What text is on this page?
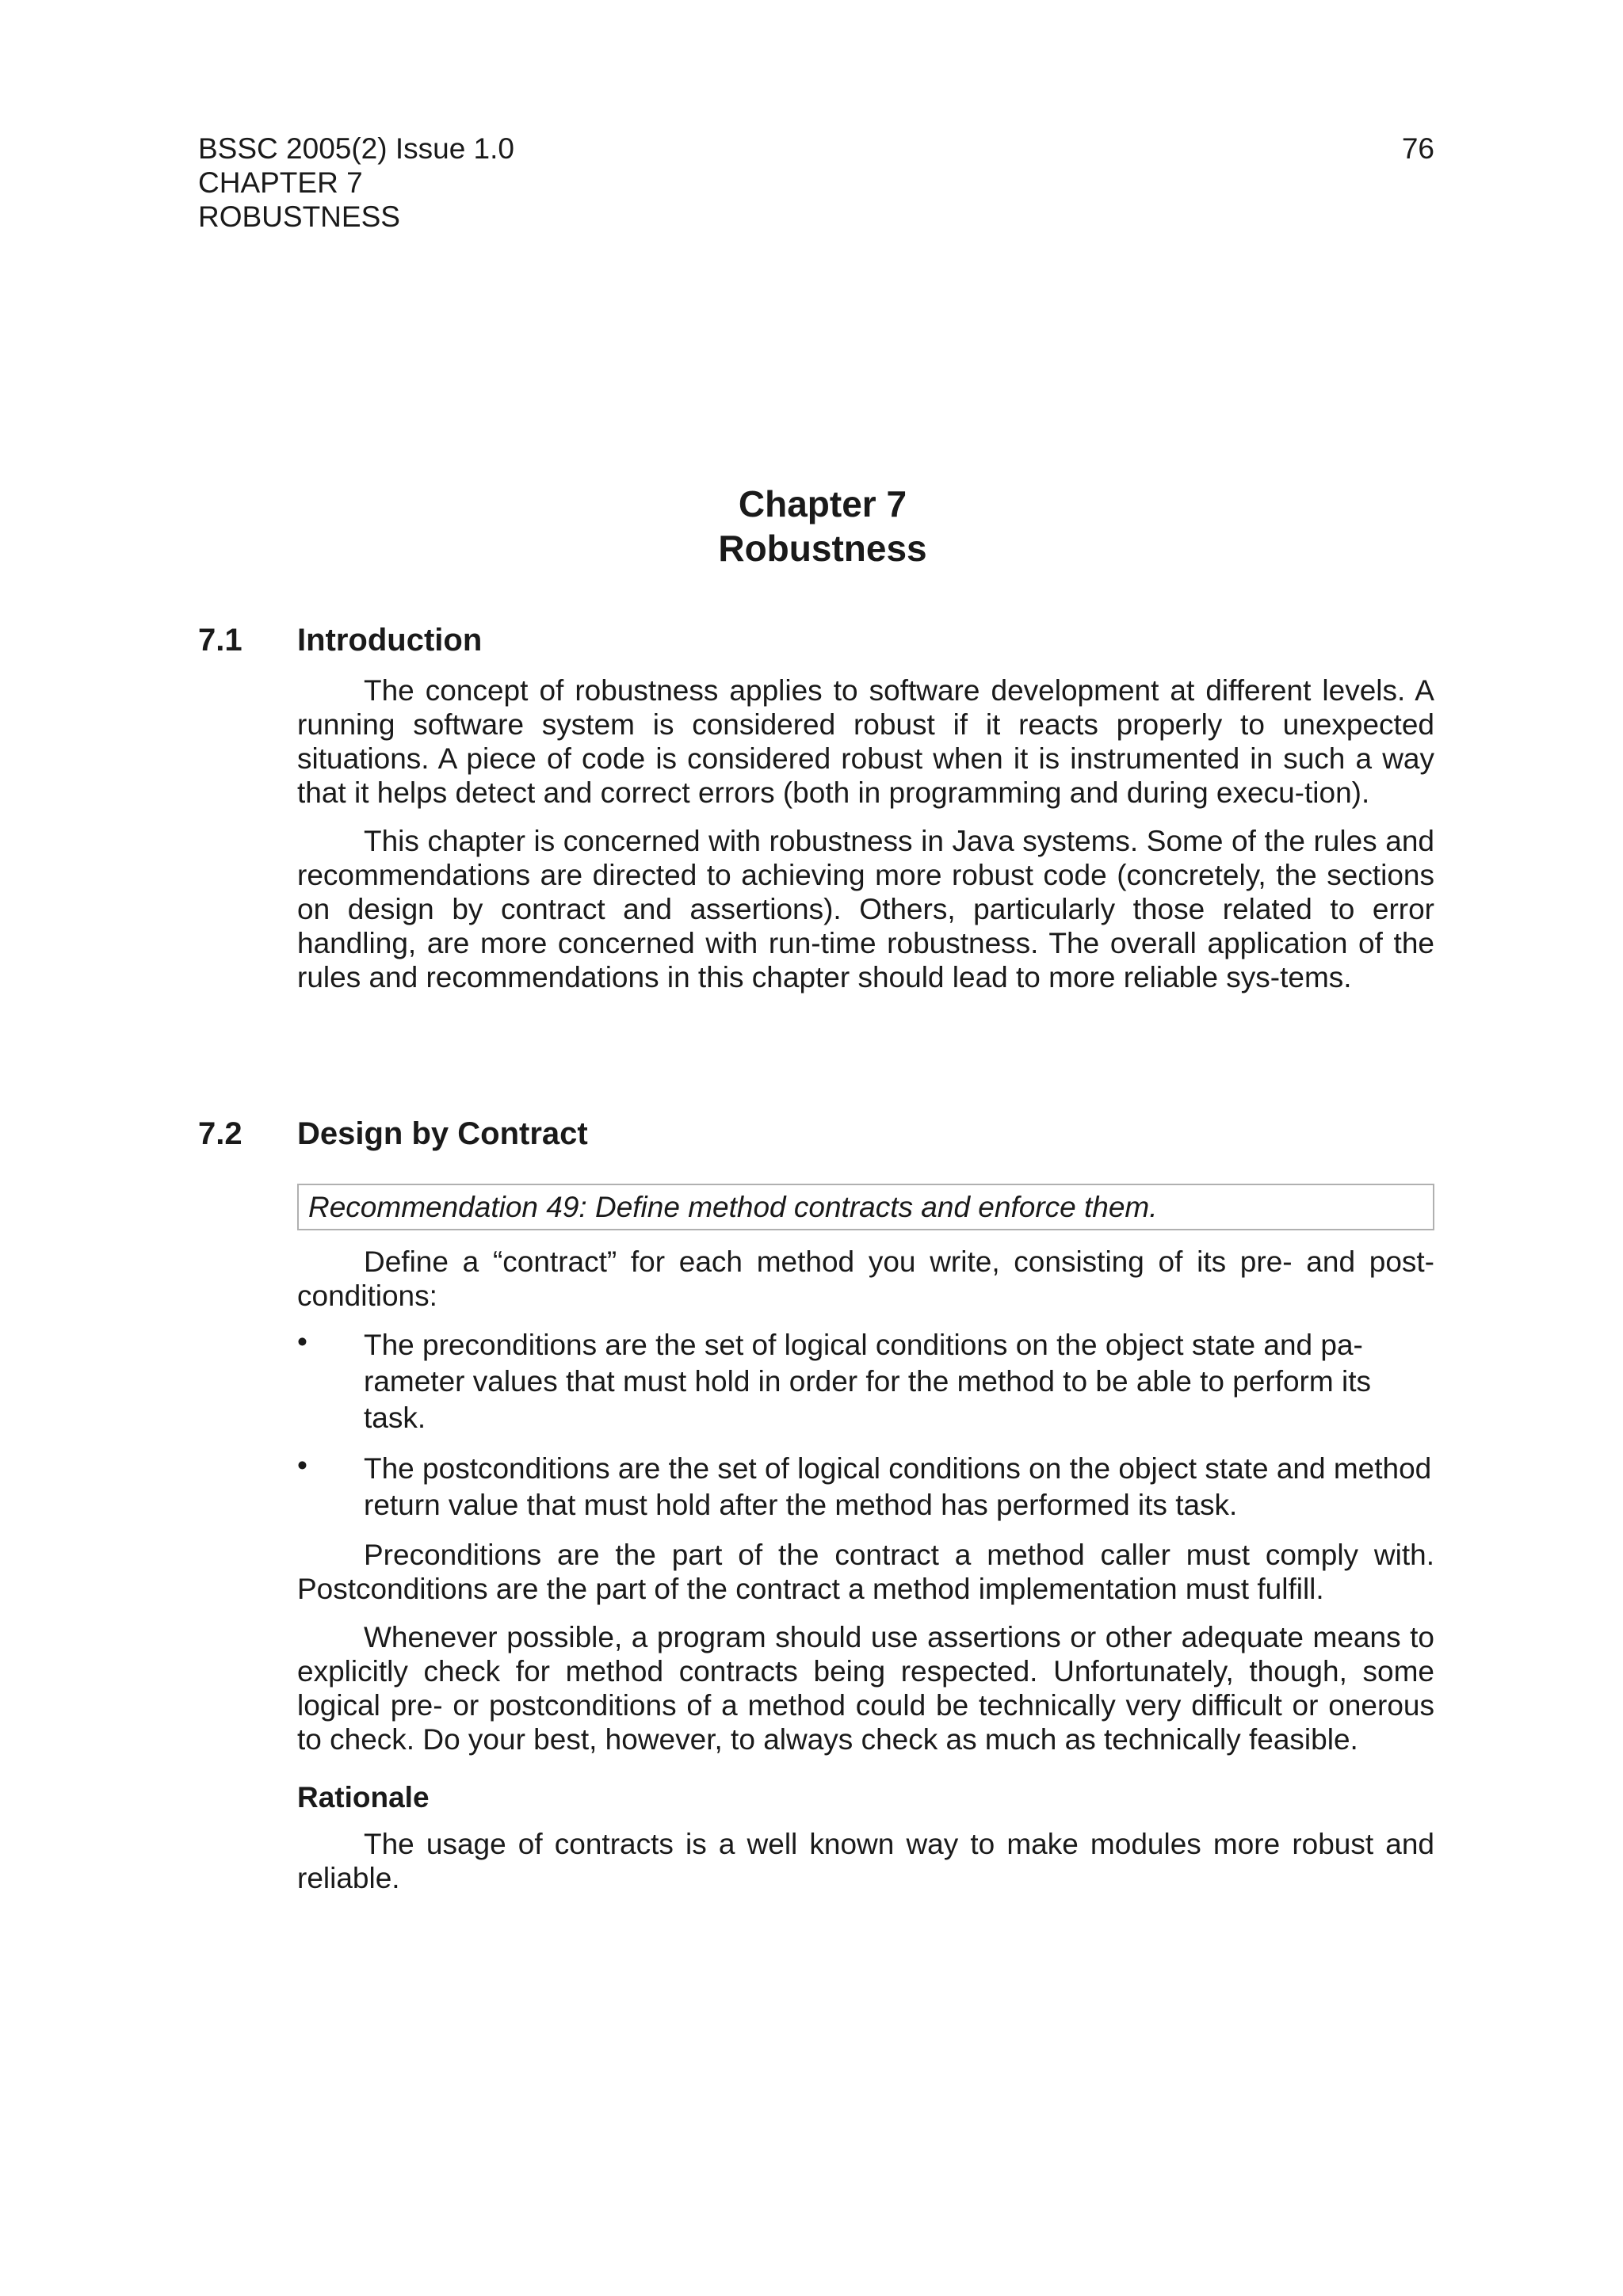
BSSC 2005(2) Issue 1.0
CHAPTER 7
ROBUSTNESS
76
Chapter 7
Robustness
7.1 Introduction

The concept of robustness applies to software development at different levels. A running software system is considered robust if it reacts properly to unexpected situations. A piece of code is considered robust when it is instrumented in such a way that it helps detect and correct errors (both in programming and during execu-tion).

This chapter is concerned with robustness in Java systems. Some of the rules and recommendations are directed to achieving more robust code (concretely, the sections on design by contract and assertions). Others, particularly those related to error handling, are more concerned with run-time robustness. The overall application of the rules and recommendations in this chapter should lead to more reliable sys-tems.

7.2 Design by Contract
Recommendation 49: Define method contracts and enforce them.

Define a “contract” for each method you write, consisting of its pre- and post-conditions:

• The preconditions are the set of logical conditions on the object state and pa-rameter values that must hold in order for the method to be able to perform its task.
• The postconditions are the set of logical conditions on the object state and method return value that must hold after the method has performed its task.

Preconditions are the part of the contract a method caller must comply with. Postconditions are the part of the contract a method implementation must fulfill.

Whenever possible, a program should use assertions or other adequate means to explicitly check for method contracts being respected. Unfortunately, though, some logical pre- or postconditions of a method could be technically very difficult or onerous to check. Do your best, however, to always check as much as technically feasible.

Rationale

The usage of contracts is a well known way to make modules more robust and reliable.
